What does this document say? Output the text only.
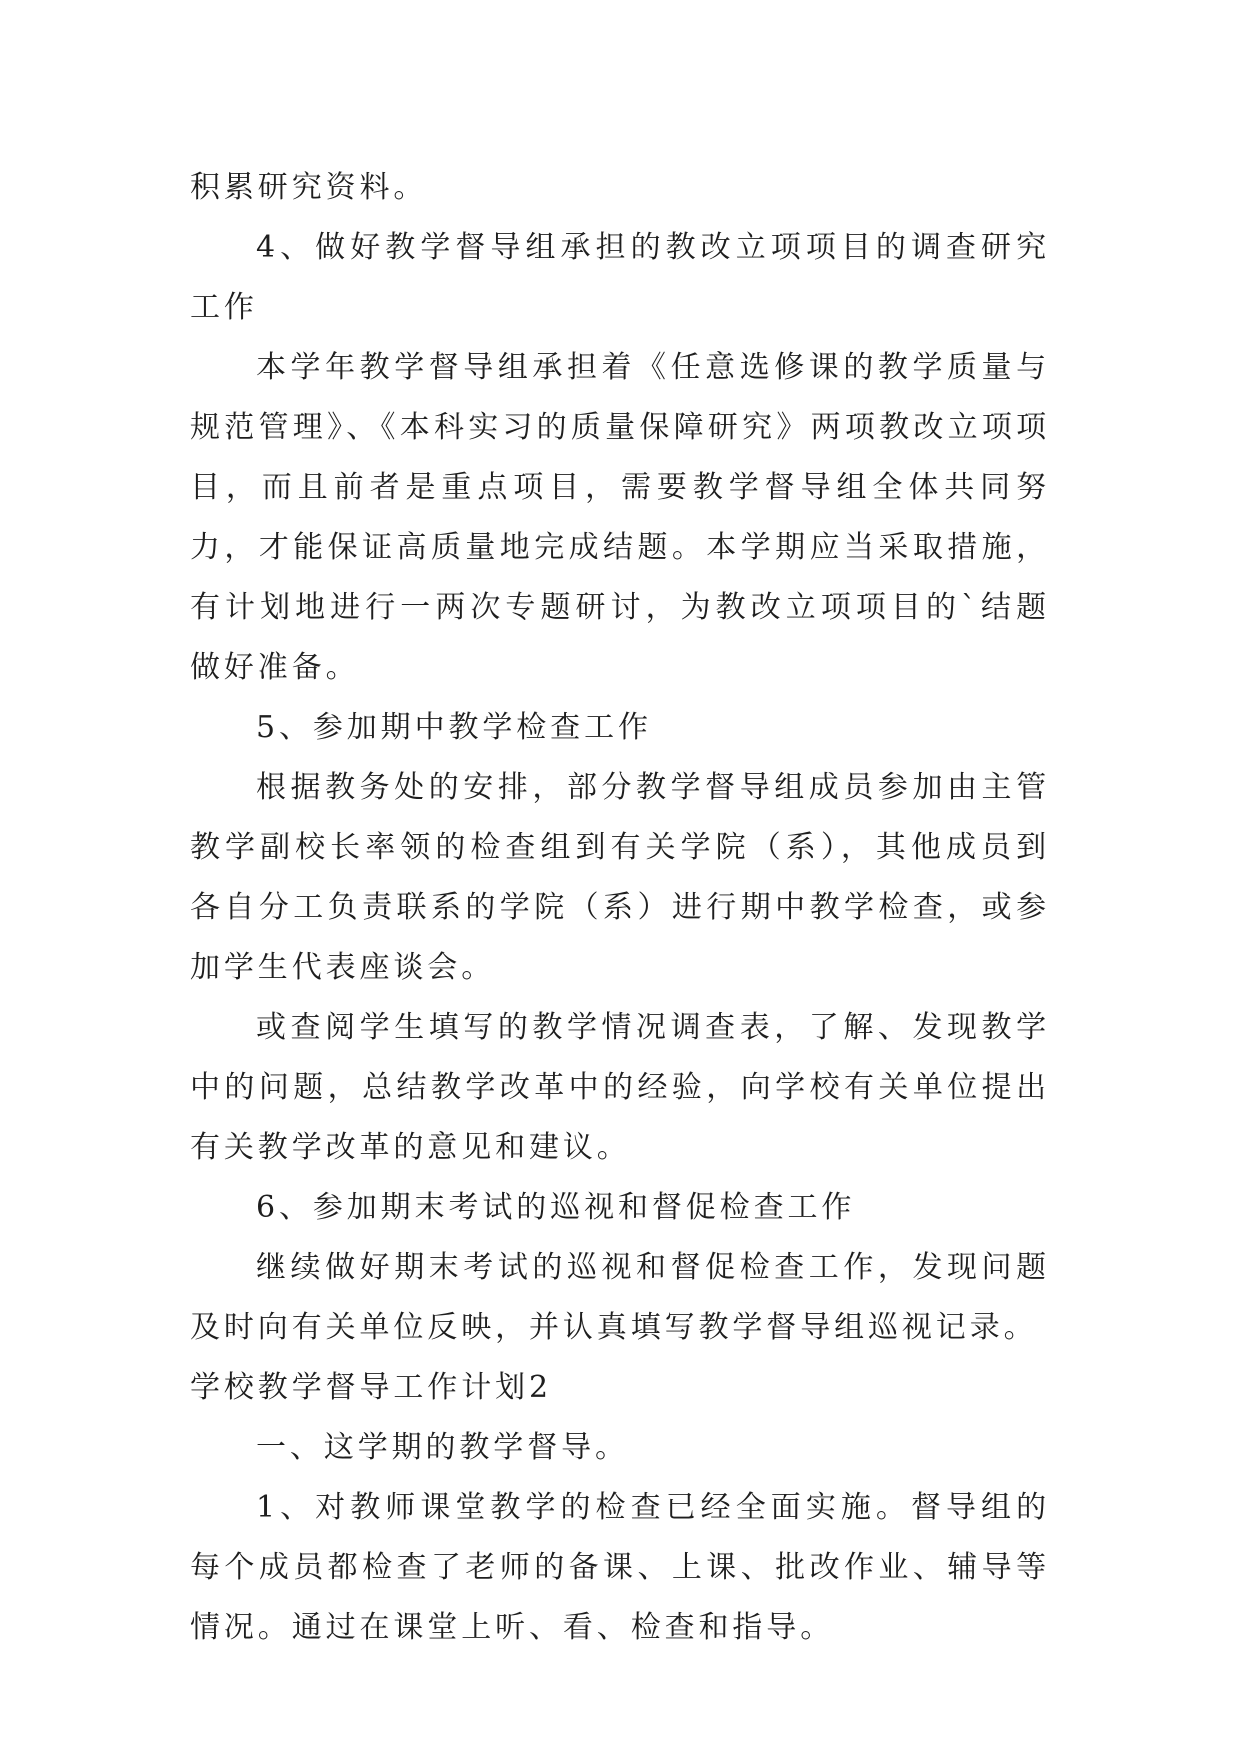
积累研究资料。

4、做好教学督导组承担的教改立项项目的调查研究工作

本学年教学督导组承担着《任意选修课的教学质量与规范管理》、《本科实习的质量保障研究》两项教改立项项目，而且前者是重点项目，需要教学督导组全体共同努力，才能保证高质量地完成结题。本学期应当采取措施，有计划地进行一两次专题研讨，为教改立项项目的`结题做好准备。

5、参加期中教学检查工作

根据教务处的安排，部分教学督导组成员参加由主管教学副校长率领的检查组到有关学院（系），其他成员到各自分工负责联系的学院（系）进行期中教学检查，或参加学生代表座谈会。

或查阅学生填写的教学情况调查表，了解、发现教学中的问题，总结教学改革中的经验，向学校有关单位提出有关教学改革的意见和建议。

6、参加期末考试的巡视和督促检查工作

继续做好期末考试的巡视和督促检查工作，发现问题及时向有关单位反映，并认真填写教学督导组巡视记录。

学校教学督导工作计划2

一、这学期的教学督导。

1、对教师课堂教学的检查已经全面实施。督导组的每个成员都检查了老师的备课、上课、批改作业、辅导等情况。通过在课堂上听、看、检查和指导。
